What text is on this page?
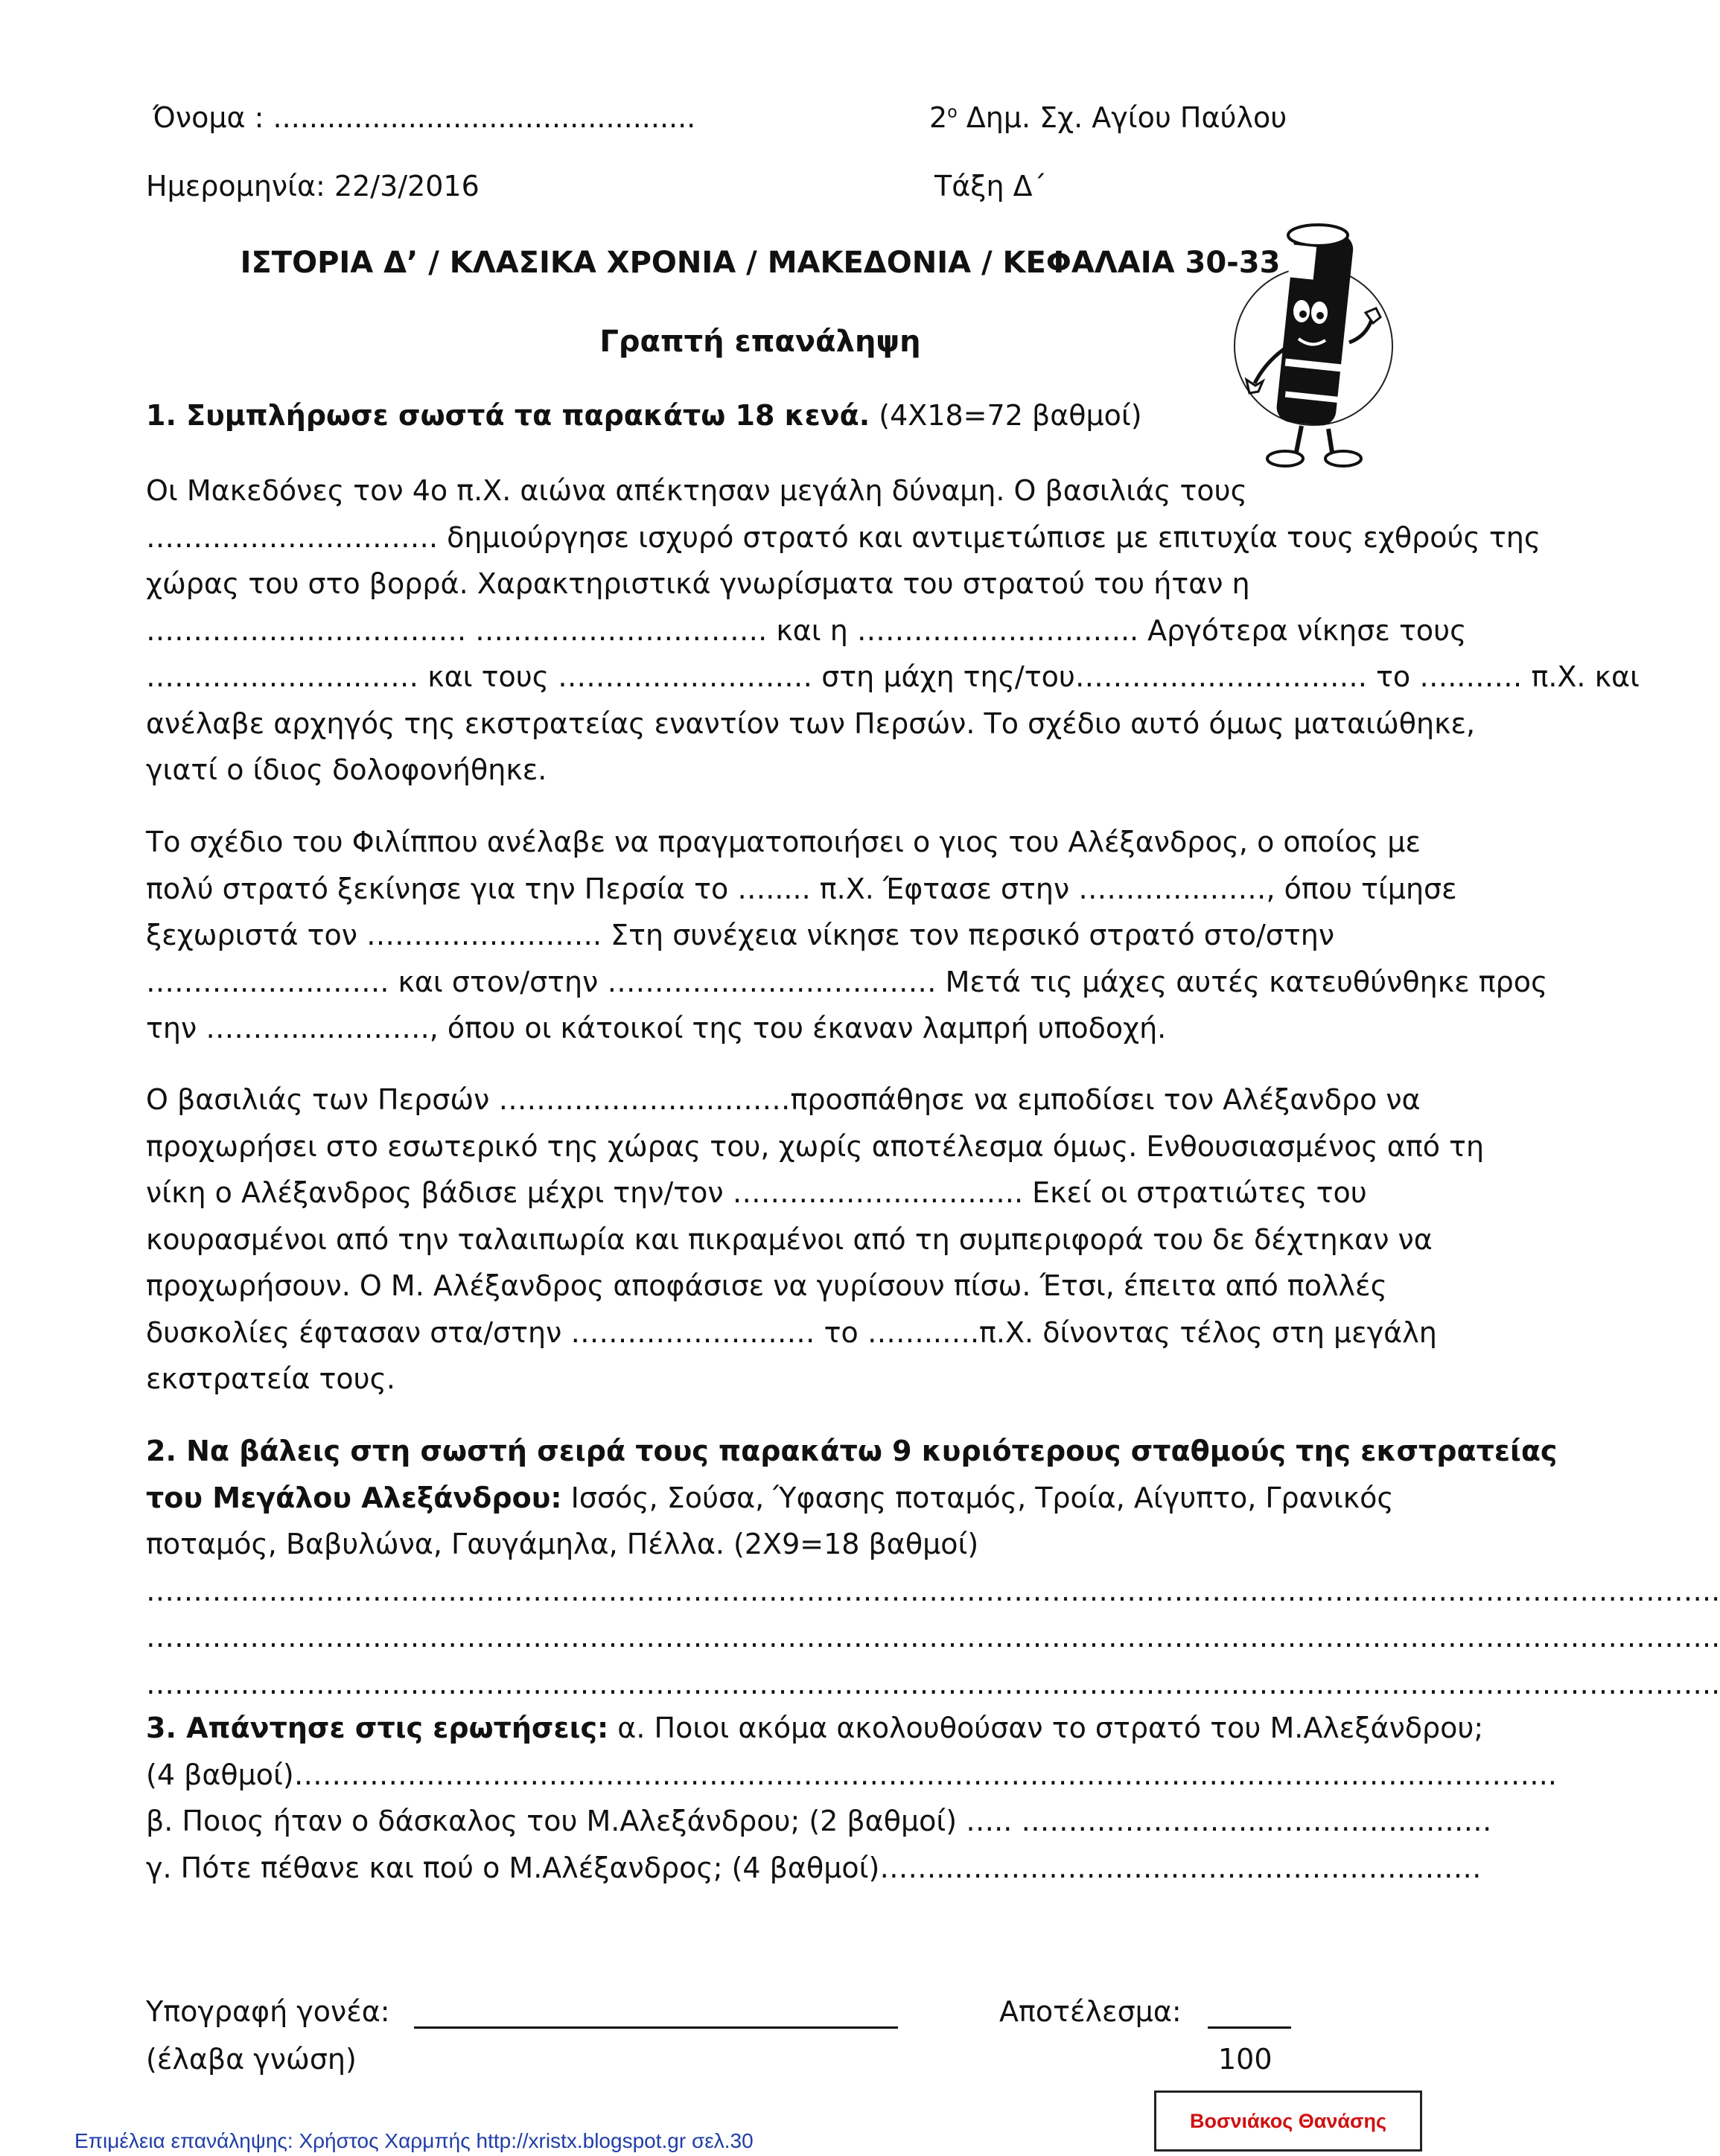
Όνομα : ...............................................	$2^o$ Δημ. Σχ. Αγίου Παύλου
Ημερομηνία: 22/3/2016	Τάξη Δ΄
ΙΣΤΟΡΙΑ Δ’ / ΚΛΑΣΙΚΑ ΧΡΟΝΙΑ / ΜΑΚΕΔΟΝΙΑ / ΚΕΦΑΛΑΙΑ 30-33
Γραπτή επανάληψη
1. Συμπλήρωσε σωστά τα παρακάτω 18 κενά. (4Χ18=72 βαθμοί)
Οι Μακεδόνες τον 4ο π.Χ. αιώνα απέκτησαν μεγάλη δύναμη. Ο βασιλιάς τους
…………………………. δημιούργησε ισχυρό στρατό και αντιμετώπισε με επιτυχία τους εχθρούς της
χώρας του στο βορρά. Χαρακτηριστικά γνωρίσματα του στρατού του ήταν η
……………………………. …………………………. και η ………………………... Αργότερα νίκησε τους
…………………..…… και τους ……………………… στη μάχη της/του…………………………. το …..…… π.Χ. και
ανέλαβε αρχηγός της εκστρατείας εναντίον των Περσών. Το σχέδιο αυτό όμως ματαιώθηκε,
γιατί ο ίδιος δολοφονήθηκε.
Το σχέδιο του Φιλίππου ανέλαβε να πραγματοποιήσει ο γιος του Αλέξανδρος, ο οποίος με
πολύ στρατό ξεκίνησε για την Περσία το …..... π.Χ. Έφτασε στην …………..……, όπου τίμησε
ξεχωριστά τον ……………………. Στη συνέχεια νίκησε τον περσικό στρατό στο/στην
………..……..……. και στον/στην ………………………..…… Μετά τις μάχες αυτές κατευθύνθηκε προς
την ……….....………., όπου οι κάτοικοί της του έκαναν λαμπρή υποδοχή.
Ο βασιλιάς των Περσών ……….…………………προσπάθησε να εμποδίσει τον Αλέξανδρο να
προχωρήσει στο εσωτερικό της χώρας του, χωρίς αποτέλεσμα όμως. Ενθουσιασμένος από τη
νίκη ο Αλέξανδρος βάδισε μέχρι την/τον ………………..……….. Εκεί οι στρατιώτες του
κουρασμένοι από την ταλαιπωρία και πικραμένοι από τη συμπεριφορά του δε δέχτηκαν να
προχωρήσουν. Ο Μ. Αλέξανδρος αποφάσισε να γυρίσουν πίσω. Έτσι, έπειτα από πολλές
δυσκολίες έφτασαν στα/στην ………………..…… το ……..….π.Χ. δίνοντας τέλος στη μεγάλη
εκστρατεία τους.
2. Να βάλεις στη σωστή σειρά τους παρακάτω 9 κυριότερους σταθμούς της εκστρατείας
του Μεγάλου Αλεξάνδρου: Ισσός, Σούσα, Ύφασης ποταμός, Τροία, Αίγυπτο, Γρανικός
ποταμός, Βαβυλώνα, Γαυγάμηλα, Πέλλα. (2Χ9=18 βαθμοί)
…………………………………………………………………………………………………………………………………………………..
…………………………………………………………………………………………………………………………………………………..
…………………………………………………………………………………………………………………………………………………..
3. Απάντησε στις ερωτήσεις: α. Ποιοι ακόμα ακολουθούσαν το στρατό του Μ.Αλεξάνδρου;
(4 βαθμοί)……………………………………………………………………………………………………………………..
β. Ποιος ήταν ο δάσκαλος του Μ.Αλεξάνδρου; (2 βαθμοί) ….. ……………………..……………………
γ. Πότε πέθανε και πού ο Μ.Αλέξανδρος; (4 βαθμοί)……..…………………..……………………………
Υπογραφή γονέα:
(έλαβα γνώση)
Αποτέλεσμα:
100
Βοσνιάκος Θανάσης
Επιμέλεια επανάληψης: Χρήστος Χαρμπής http://xristx.blogspot.gr σελ.30
